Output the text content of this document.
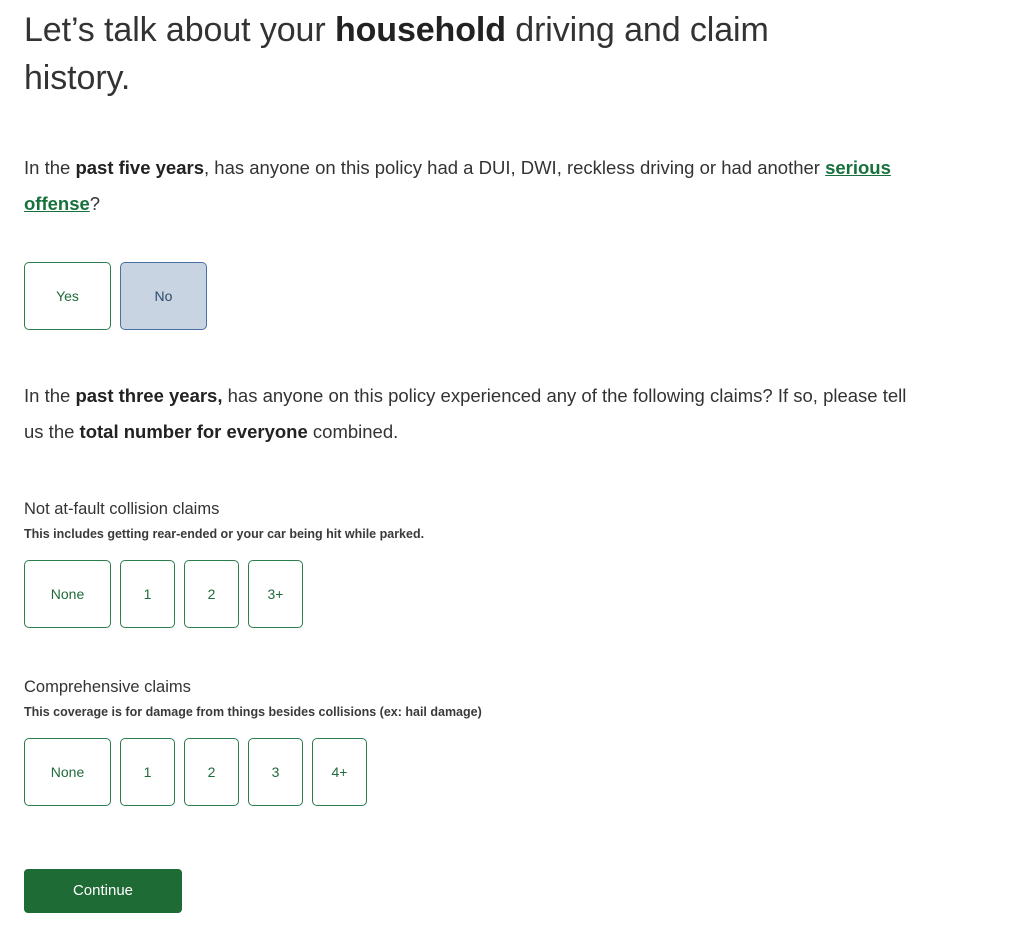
Let’s talk about your household driving and claim history.

In the past five years, has anyone on this policy had a DUI, DWI, reckless driving or had another serious offense?

Yes	No

In the past three years, has anyone on this policy experienced any of the following claims? If so, please tell us the total number for everyone combined.

Not at-fault collision claims

This includes getting rear-ended or your car being hit while parked.

None	1	2	3+

Comprehensive claims

This coverage is for damage from things besides collisions (ex: hail damage)

None	1	2	3	4+
Continue
